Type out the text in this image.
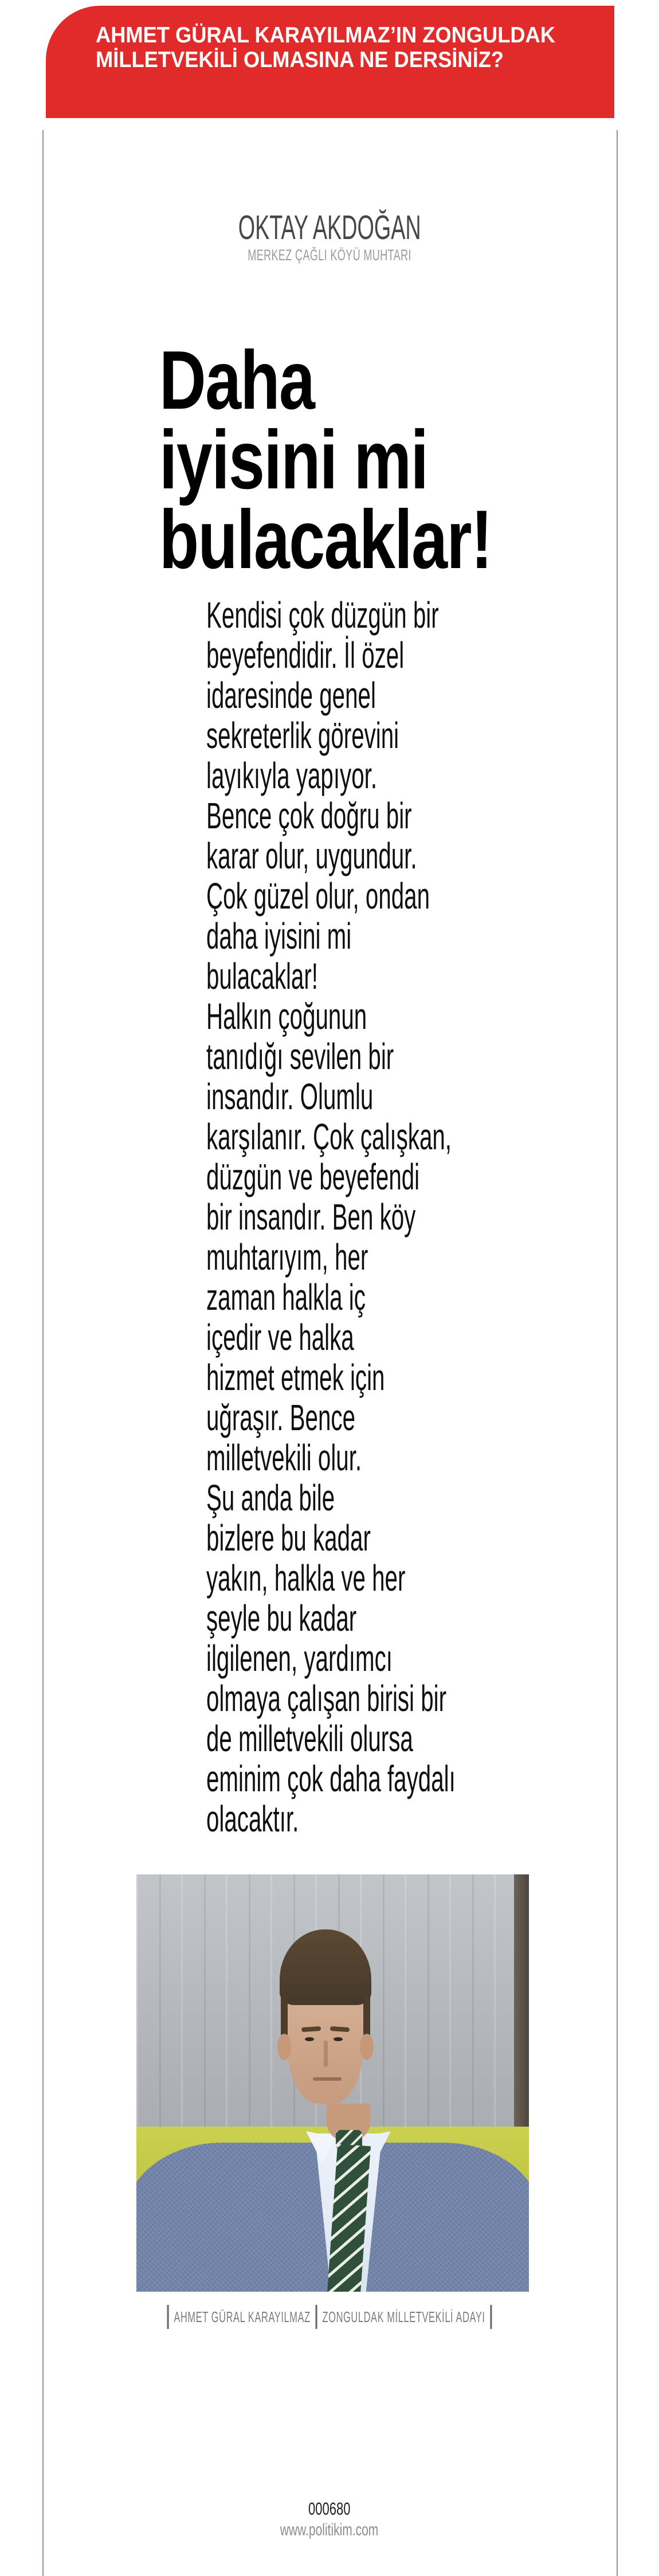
AHMET GÜRAL KARAYILMAZ’IN ZONGULDAK
MİLLETVEKİLİ OLMASINA NE DERSİNİZ?
OKTAY AKDOĞAN
MERKEZ ÇAĞLI KÖYÜ MUHTARI
Daha
iyisini mi
bulacaklar!
Kendisi çok düzgün bir
beyefendidir. İl özel
idaresinde genel
sekreterlik görevini
layıkıyla yapıyor.
Bence çok doğru bir
karar olur, uygundur.
Çok güzel olur, ondan
daha iyisini mi
bulacaklar!
Halkın çoğunun
tanıdığı sevilen bir
insandır. Olumlu
karşılanır. Çok çalışkan,
düzgün ve beyefendi
bir insandır. Ben köy
muhtarıyım, her
zaman halkla iç
içedir ve halka
hizmet etmek için
uğraşır. Bence
milletvekili olur.
Şu anda bile
bizlere bu kadar
yakın, halkla ve her
şeyle bu kadar
ilgilenen, yardımcı
olmaya çalışan birisi bir
de milletvekili olursa
eminim çok daha faydalı
olacaktır.
AHMET GÜRAL KARAYILMAZ ZONGULDAK MİLLETVEKİLİ ADAYI
000680
www.politikim.com
